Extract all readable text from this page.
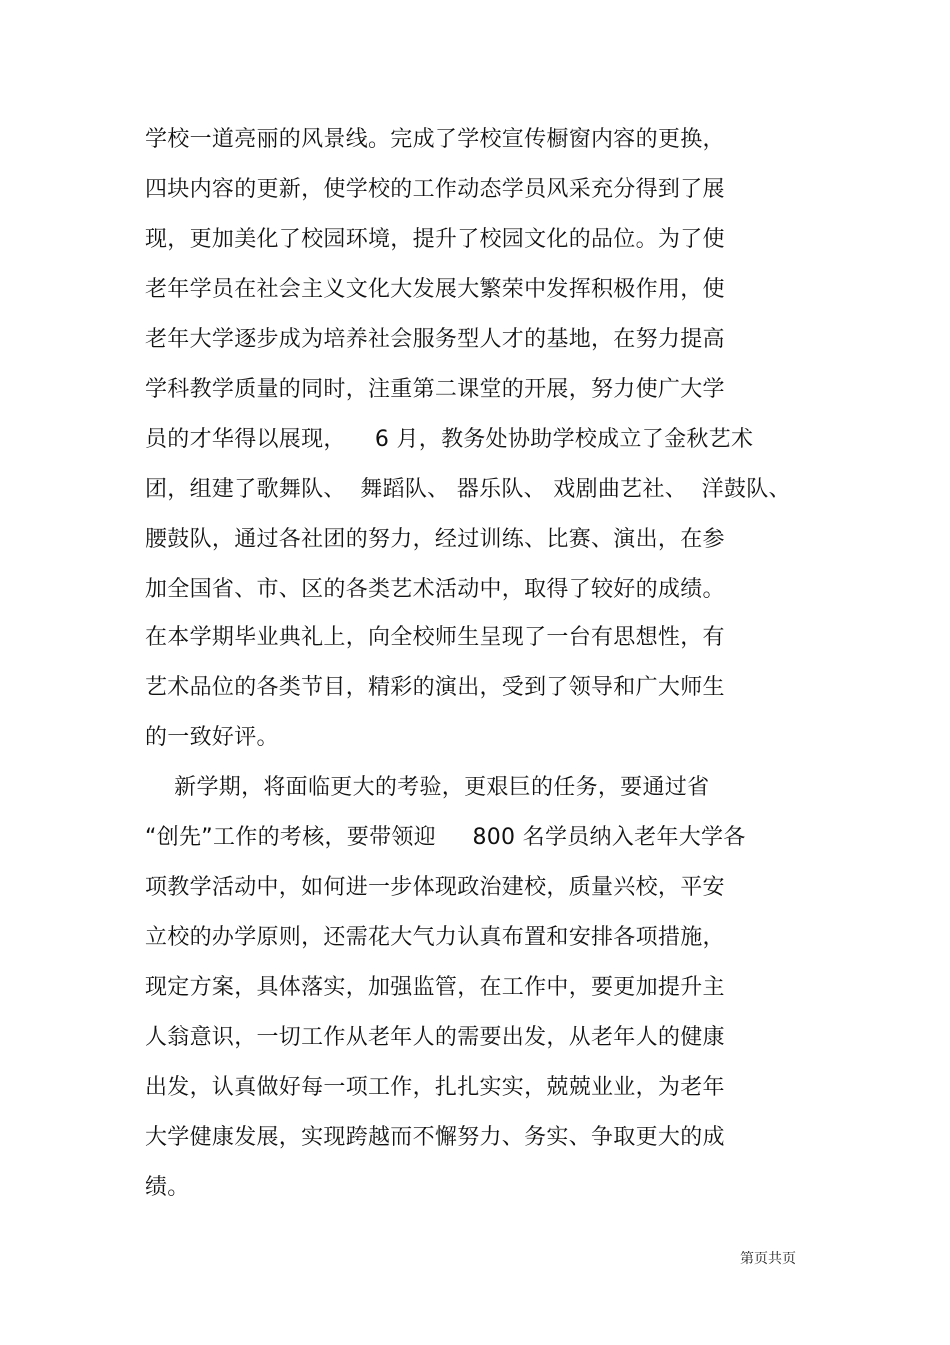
学校一道亮丽的风景线。完成了学校宣传橱窗内容的更换，
四块内容的更新，使学校的工作动态学员风采充分得到了展
现，更加美化了校园环境，提升了校园文化的品位。为了使
老年学员在社会主义文化大发展大繁荣中发挥积极作用，使
老年大学逐步成为培养社会服务型人才的基地，在努力提高
学科教学质量的同时，注重第二课堂的开展，努力使广大学
员的才华得以展现，    6 月，教务处协助学校成立了金秋艺术
团，组建了歌舞队、  舞蹈队、 器乐队、 戏剧曲艺社、  洋鼓队、
腰鼓队，通过各社团的努力，经过训练、比赛、演出，在参
加全国省、市、区的各类艺术活动中，取得了较好的成绩。
在本学期毕业典礼上，向全校师生呈现了一台有思想性，有
艺术品位的各类节目，精彩的演出，受到了领导和广大师生
的一致好评。
新学期，将面临更大的考验，更艰巨的任务，要通过省
“创先”工作的考核，要带领迎     800 名学员纳入老年大学各
项教学活动中，如何进一步体现政治建校，质量兴校，平安
立校的办学原则，还需花大气力认真布置和安排各项措施，
现定方案，具体落实，加强监管，在工作中，要更加提升主
人翁意识，一切工作从老年人的需要出发，从老年人的健康
出发，认真做好每一项工作，扎扎实实，兢兢业业，为老年
大学健康发展，实现跨越而不懈努力、务实、争取更大的成
绩。
第页共页
